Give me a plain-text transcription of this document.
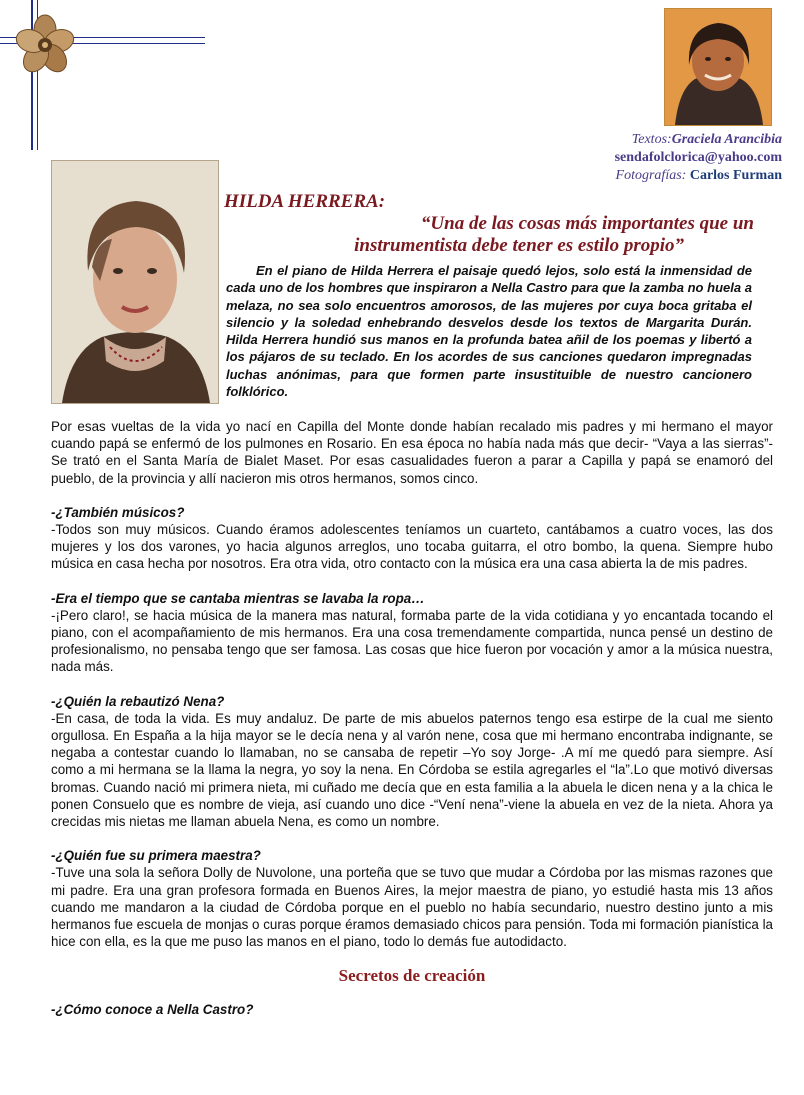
Textos:Graciela Arancibia
sendafolclorica@yahoo.com
Fotografías: Carlos Furman
HILDA HERRERA:
“Una de las cosas más importantes que un
instrumentista debe tener es estilo propio”
En el piano de Hilda Herrera el paisaje quedó lejos, solo está la inmensidad de cada uno de los hombres que inspiraron a Nella Castro para que la zamba no huela a melaza, no sea solo encuentros amorosos, de las mujeres por cuya boca gritaba el silencio y la soledad enhebrando desvelos desde los textos de Margarita Durán. Hilda Herrera hundió sus manos en la profunda batea añil de los poemas y libertó a los pájaros de su teclado. En los acordes de sus canciones quedaron impregnadas luchas anónimas, para que formen parte insustituible de nuestro cancionero folklórico.

Por esas vueltas de la vida yo nací en Capilla del Monte donde habían recalado mis padres y mi hermano el mayor cuando papá se enfermó de los pulmones en Rosario. En esa época no había nada más que decir- “Vaya a las sierras”-Se trató en el Santa María de Bialet Maset. Por esas casualidades fueron a parar a Capilla y papá se enamoró del pueblo, de la provincia y allí nacieron mis otros hermanos, somos cinco.

-¿También músicos?
-Todos son muy músicos. Cuando éramos adolescentes teníamos un cuarteto, cantábamos a cuatro voces, las dos mujeres y los dos varones, yo hacia algunos arreglos, uno tocaba guitarra, el otro bombo, la quena. Siempre hubo música en casa hecha por nosotros. Era otra vida, otro contacto con la música era una casa abierta la de mis padres.

-Era el tiempo que se cantaba mientras se lavaba la ropa…
-¡Pero claro!, se hacia música de la manera mas natural, formaba parte de la vida cotidiana y yo encantada tocando el piano, con el acompañamiento de mis hermanos. Era una cosa tremendamente compartida, nunca pensé un destino de profesionalismo, no pensaba tengo que ser famosa. Las cosas que hice fueron por vocación y amor a la música nuestra, nada más.

-¿Quién la rebautizó Nena?
-En casa, de toda la vida. Es muy andaluz. De parte de mis abuelos paternos tengo esa estirpe de la cual me siento orgullosa. En España a la hija mayor se le decía nena y al varón nene, cosa que mi hermano encontraba indignante, se negaba a contestar cuando lo llamaban, no se cansaba de repetir –Yo soy Jorge- .A mí me quedó para siempre. Así como a mi hermana se la llama la negra, yo soy la nena. En Córdoba se estila agregarles el “la”.Lo que motivó diversas bromas. Cuando nació mi primera nieta, mi cuñado me decía que en esta familia a la abuela le dicen nena y a la chica le ponen Consuelo que es nombre de vieja, así cuando uno dice -“Vení nena”-viene la abuela en vez de la nieta. Ahora ya crecidas mis nietas me llaman abuela Nena, es como un nombre.

-¿Quién fue su primera maestra?
-Tuve una sola la señora Dolly de Nuvolone, una porteña que se tuvo que mudar a Córdoba por las mismas razones que mi padre. Era una gran profesora formada en Buenos Aires, la mejor maestra de piano, yo estudié hasta mis 13 años cuando me mandaron a la ciudad de Córdoba porque en el pueblo no había secundario, nuestro destino junto a mis hermanos fue escuela de monjas o curas porque éramos demasiado chicos para pensión. Toda mi formación pianística la hice con ella, es la que me puso las manos en el piano, todo lo demás fue autodidacto.

Secretos de creación

-¿Cómo conoce a Nella Castro?
